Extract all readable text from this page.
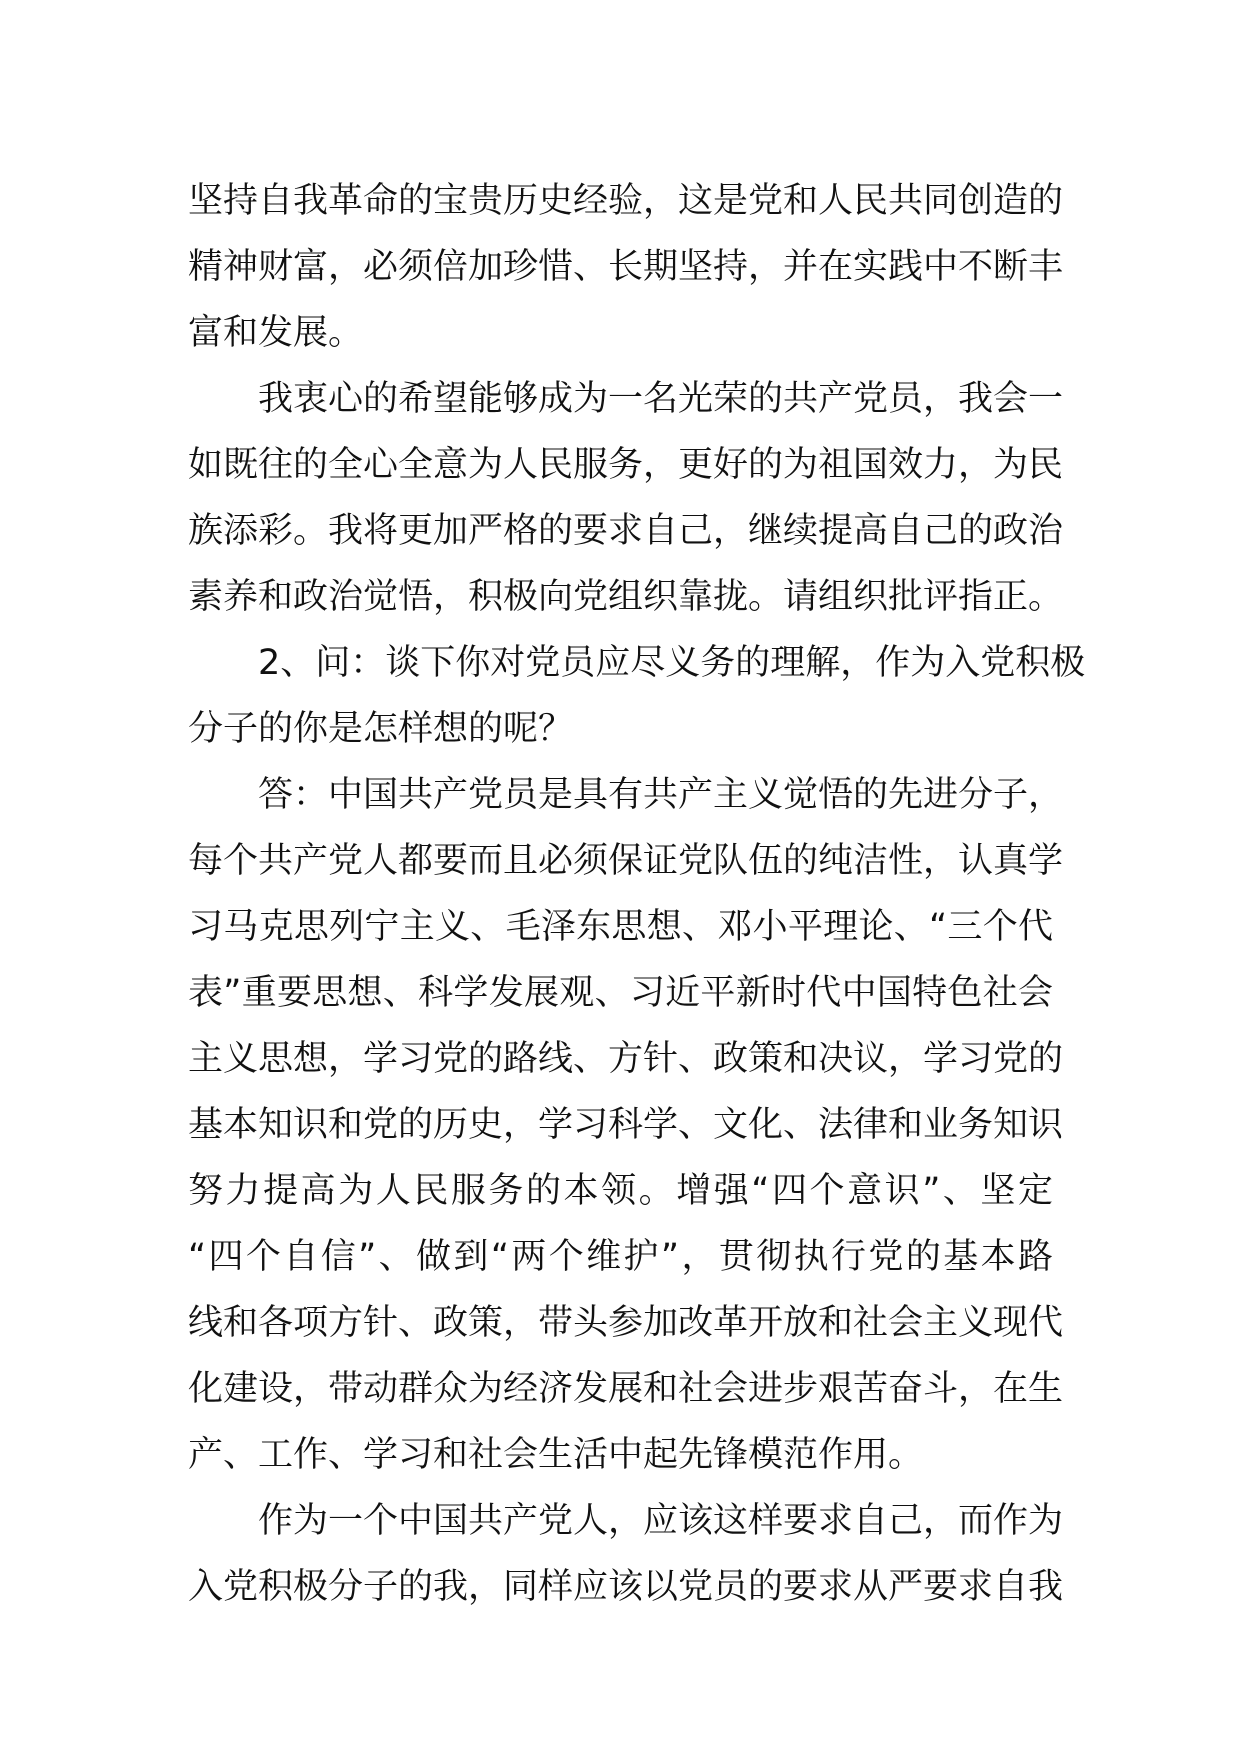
坚持自我革命的宝贵历史经验，这是党和人民共同创造的
精神财富，必须倍加珍惜、长期坚持，并在实践中不断丰
富和发展。
我衷心的希望能够成为一名光荣的共产党员，我会一
如既往的全心全意为人民服务，更好的为祖国效力，为民
族添彩。我将更加严格的要求自己，继续提高自己的政治
素养和政治觉悟，积极向党组织靠拢。请组织批评指正。
2、问：谈下你对党员应尽义务的理解，作为入党积极
分子的你是怎样想的呢？
答：中国共产党员是具有共产主义觉悟的先进分子，
每个共产党人都要而且必须保证党队伍的纯洁性，认真学
习马克思列宁主义、毛泽东思想、邓小平理论、“三个代
表”重要思想、科学发展观、习近平新时代中国特色社会
主义思想，学习党的路线、方针、政策和决议，学习党的
基本知识和党的历史，学习科学、文化、法律和业务知识
努力提高为人民服务的本领。增强“四个意识”、坚定
“四个自信”、做到“两个维护”，贯彻执行党的基本路
线和各项方针、政策，带头参加改革开放和社会主义现代
化建设，带动群众为经济发展和社会进步艰苦奋斗，在生
产、工作、学习和社会生活中起先锋模范作用。
作为一个中国共产党人，应该这样要求自己，而作为
入党积极分子的我，同样应该以党员的要求从严要求自我
